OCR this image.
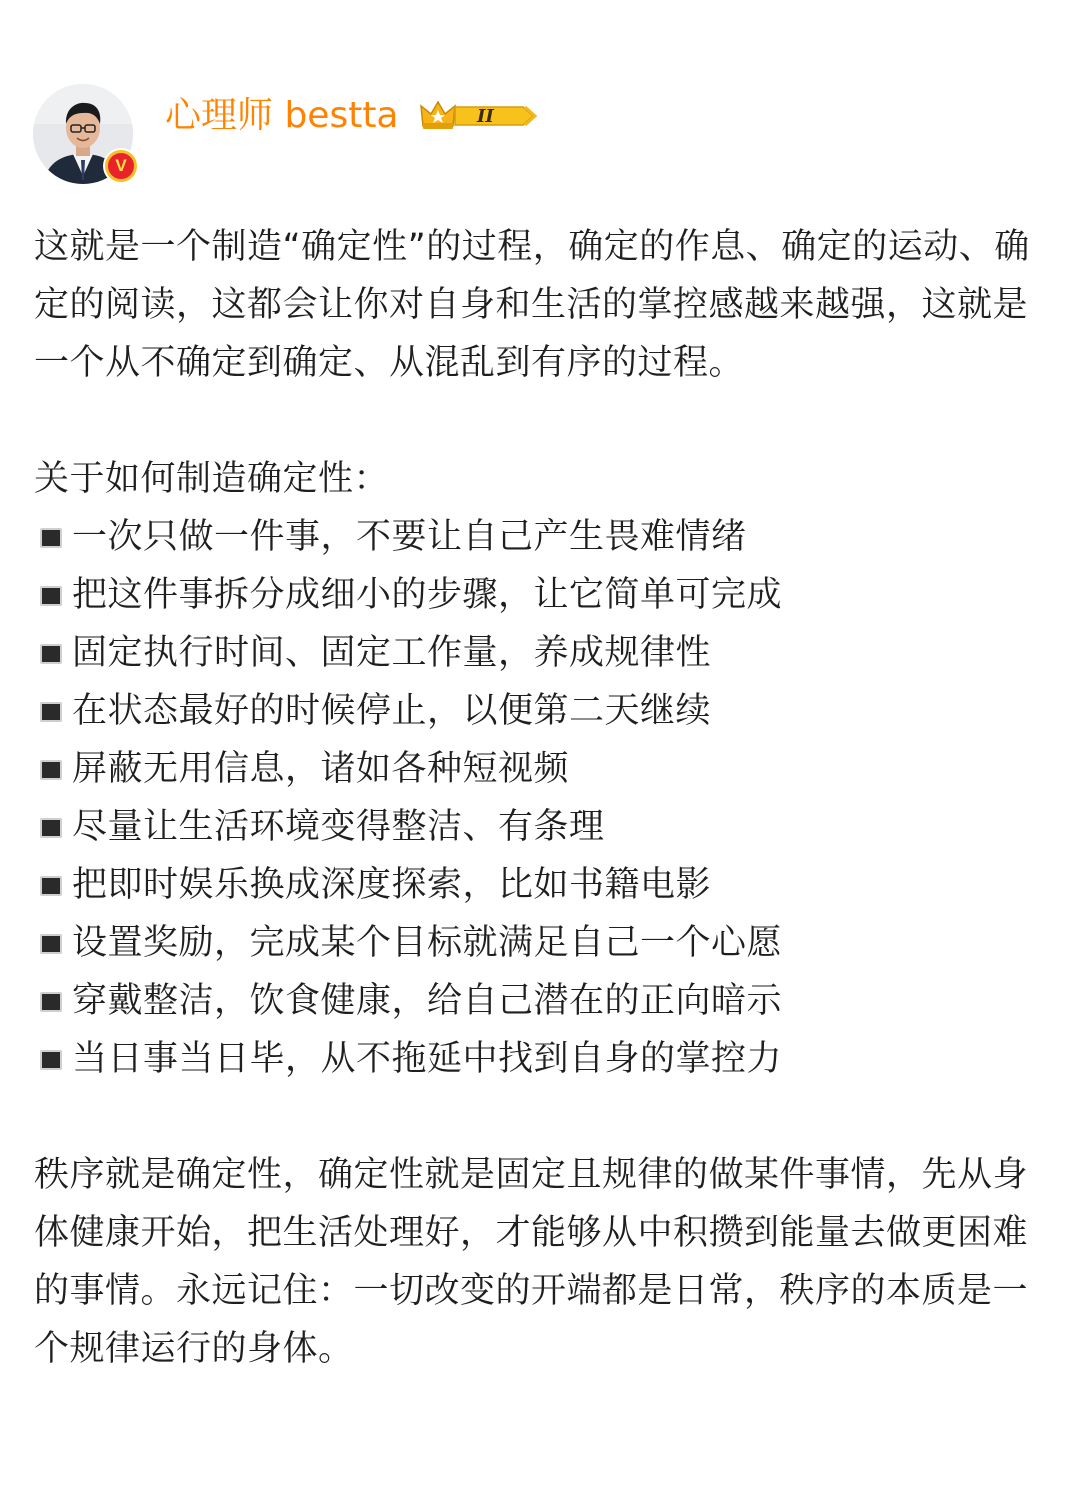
V
心理师 bestta	II

这就是一个制造“确定性”的过程，确定的作息、确定的运动、确定的阅读，这都会让你对自身和生活的掌控感越来越强，这就是一个从不确定到确定、从混乱到有序的过程。

关于如何制造确定性：

一次只做一件事，不要让自己产生畏难情绪
把这件事拆分成细小的步骤，让它简单可完成
固定执行时间、固定工作量，养成规律性
在状态最好的时候停止，以便第二天继续
屏蔽无用信息，诸如各种短视频
尽量让生活环境变得整洁、有条理
把即时娱乐换成深度探索，比如书籍电影
设置奖励，完成某个目标就满足自己一个心愿
穿戴整洁，饮食健康，给自己潜在的正向暗示
当日事当日毕，从不拖延中找到自身的掌控力

秩序就是确定性，确定性就是固定且规律的做某件事情，先从身体健康开始，把生活处理好，才能够从中积攒到能量去做更困难的事情。永远记住：一切改变的开端都是日常，秩序的本质是一个规律运行的身体。
